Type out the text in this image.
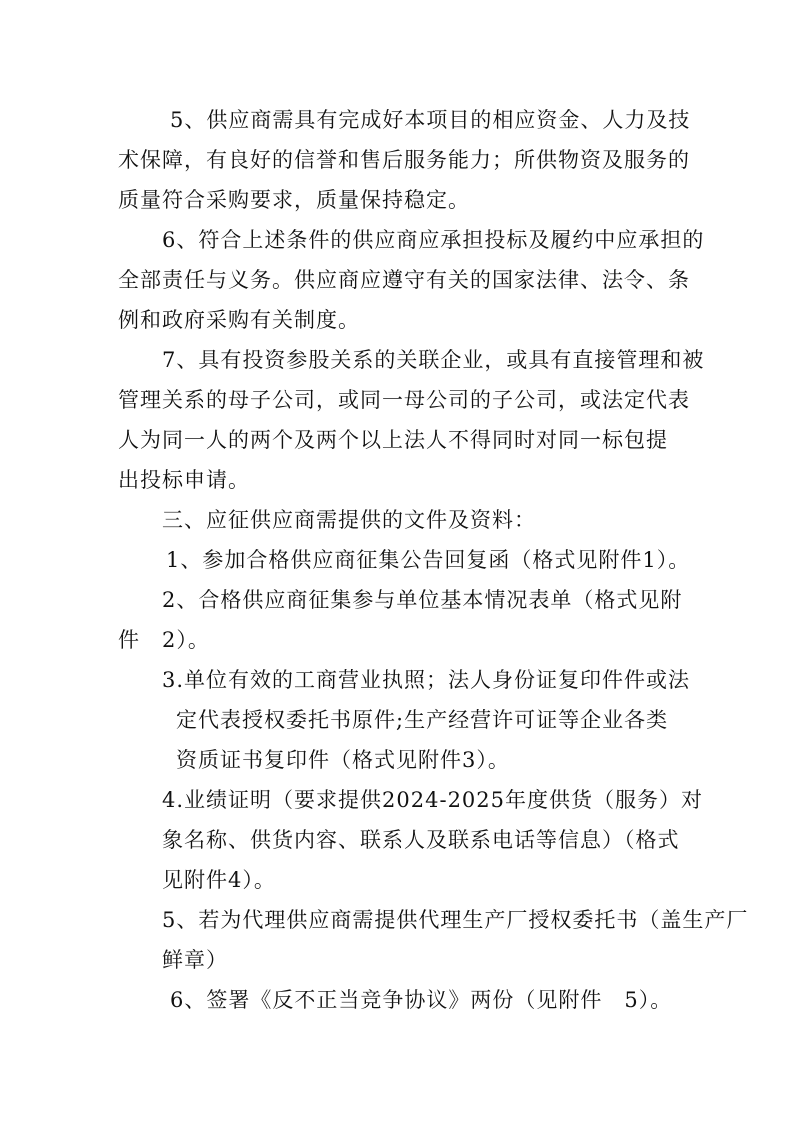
5、供应商需具有完成好本项目的相应资金、人力及技
术保障，有良好的信誉和售后服务能力；所供物资及服务的
质量符合采购要求，质量保持稳定。
6、符合上述条件的供应商应承担投标及履约中应承担的
全部责任与义务。供应商应遵守有关的国家法律、法令、条
例和政府采购有关制度。
7、具有投资参股关系的关联企业，或具有直接管理和被
管理关系的母子公司，或同一母公司的子公司，或法定代表
人为同一人的两个及两个以上法人不得同时对同一标包提
出投标申请。
三、应征供应商需提供的文件及资料：
1、参加合格供应商征集公告回复函（格式见附件1）。
2、合格供应商征集参与单位基本情况表单（格式见附
件　2）。
3.单位有效的工商营业执照；法人身份证复印件件或法
定代表授权委托书原件;生产经营许可证等企业各类
资质证书复印件（格式见附件3）。
4.业绩证明（要求提供2024-2025年度供货（服务）对
象名称、供货内容、联系人及联系电话等信息）（格式
见附件4）。
5、若为代理供应商需提供代理生产厂授权委托书（盖生产厂
鲜章）
6、签署《反不正当竞争协议》两份（见附件　5）。
